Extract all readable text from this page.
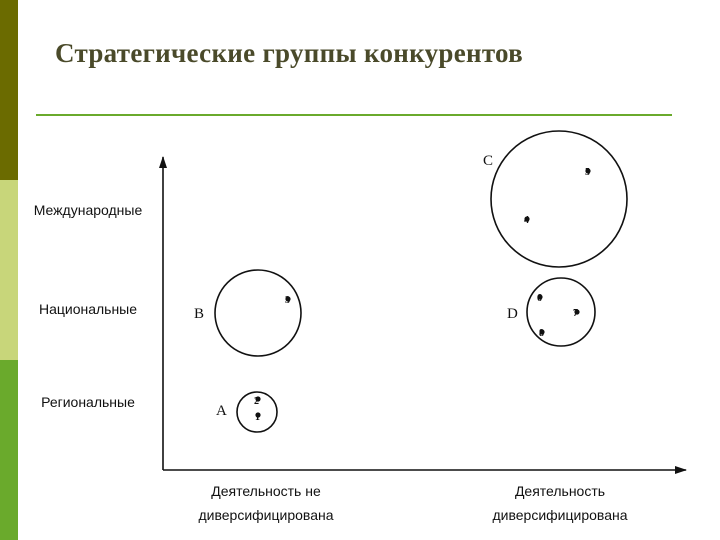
Стратегические группы конкурентов
Международные
Национальные
Региональные
Деятельность не
диверсифицирована
Деятельность
диверсифицирована
A
2
1
B
3
C
5
4
D
6
7
8
